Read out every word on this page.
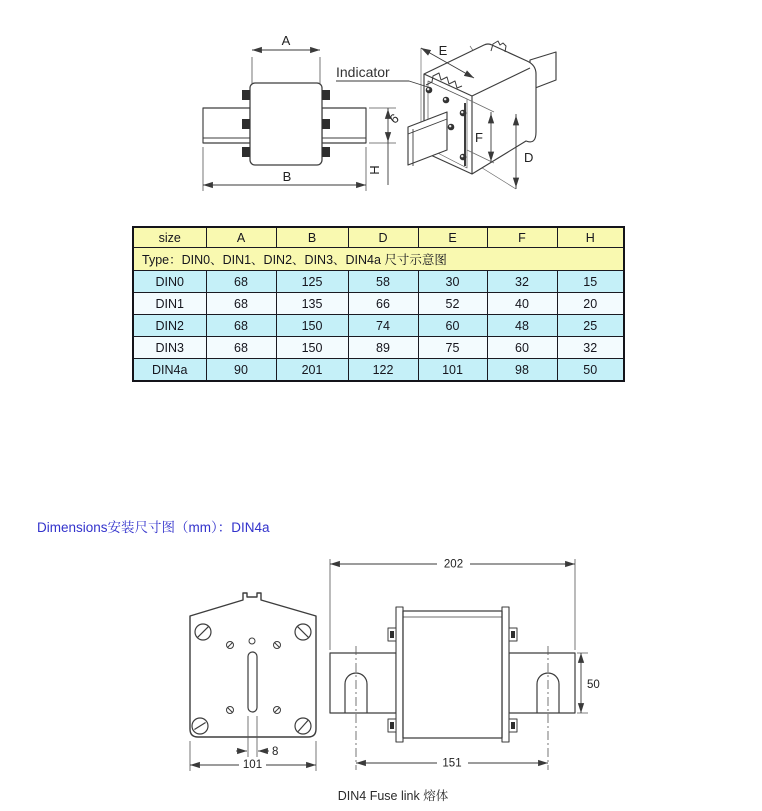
A
B	H
6
E
F
D
Indicator
Type：DIN0、DIN1、DIN2、DIN3、DIN4a 尺寸示意图						
size	A	B	D	E	F	H
DIN0	68	125	58	30	32	15
DIN1	68	135	66	52	40	20
DIN2	68	150	74	60	48	25
DIN3	68	150	89	75	60	32
DIN4a	90	201	122	101	98	50
Dimensions安装尺寸图（mm）：DIN4a
8
101
202
50
151
DIN4 Fuse link 熔体
